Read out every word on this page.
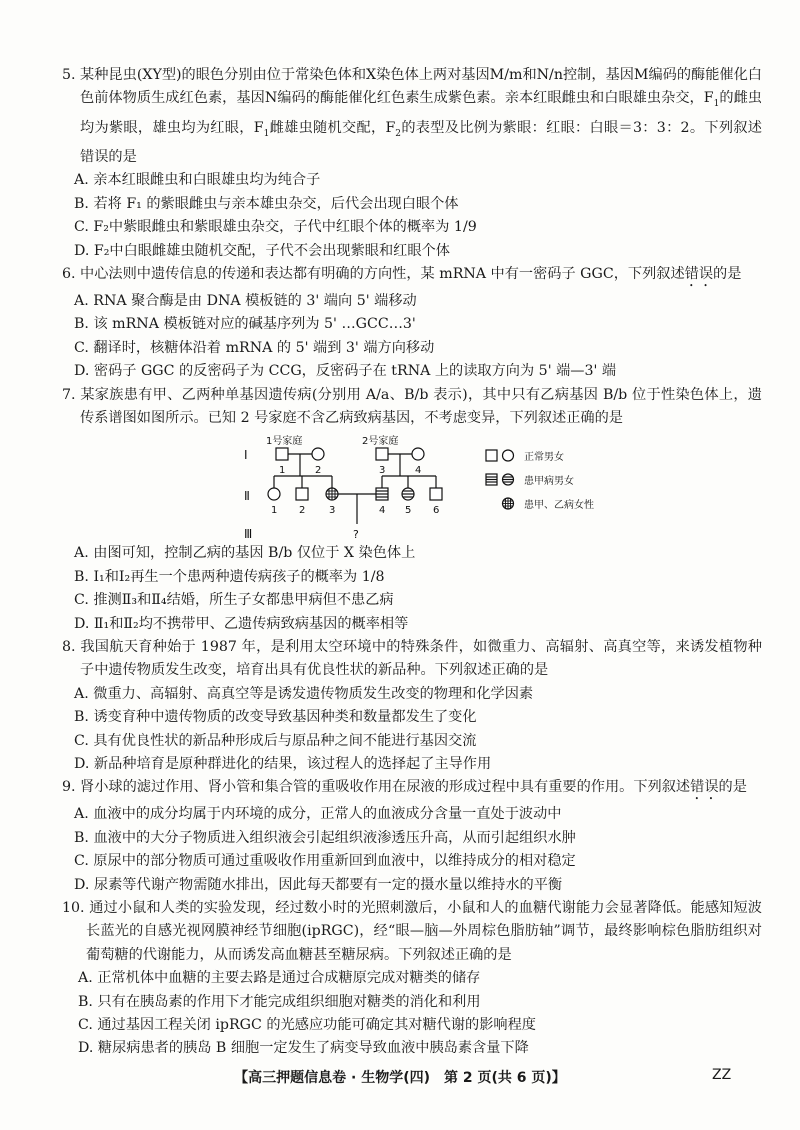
5. 某种昆虫(XY型)的眼色分别由位于常染色体和X染色体上两对基因M/m和N/n控制，基因M编码的酶能催化白色前体物质生成红色素，基因N编码的酶能催化红色素生成紫色素。亲本红眼雌虫和白眼雄虫杂交，$F_1$的雌虫均为紫眼，雄虫均为红眼，$F_1$雌雄虫随机交配，$F_2$的表型及比例为紫眼：红眼：白眼＝3：3：2。下列叙述错误的是
A. 亲本红眼雌虫和白眼雄虫均为纯合子
B. 若将 F₁ 的紫眼雌虫与亲本雄虫杂交，后代会出现白眼个体
C. F₂中紫眼雌虫和紫眼雄虫杂交，子代中红眼个体的概率为 1/9
D. F₂中白眼雌雄虫随机交配，子代不会出现紫眼和红眼个体
6. 中心法则中遗传信息的传递和表达都有明确的方向性，某 mRNA 中有一密码子 GGC，下列叙述错误的是
A. RNA 聚合酶是由 DNA 模板链的 3' 端向 5' 端移动
B. 该 mRNA 模板链对应的碱基序列为 5' …GCC…3'
C. 翻译时，核糖体沿着 mRNA 的 5' 端到 3' 端方向移动
D. 密码子 GGC 的反密码子为 CCG，反密码子在 tRNA 上的读取方向为 5' 端—3' 端
7. 某家族患有甲、乙两种单基因遗传病(分别用 A/a、B/b 表示)，其中只有乙病基因 B/b 位于性染色体上，遗传系谱图如图所示。已知 2 号家庭不含乙病致病基因，不考虑变异，下列叙述正确的是
1号家庭	2号家庭
Ⅰ
Ⅱ
Ⅲ
1	2	3	4
?
1 2 3	4 5 6
正常男女
患甲病男女
患甲、乙病女性
A. 由图可知，控制乙病的基因 B/b 仅位于 X 染色体上
B. Ⅰ₁和Ⅰ₂再生一个患两种遗传病孩子的概率为 1/8
C. 推测Ⅱ₃和Ⅱ₄结婚，所生子女都患甲病但不患乙病
D. Ⅱ₁和Ⅱ₂均不携带甲、乙遗传病致病基因的概率相等
8. 我国航天育种始于 1987 年，是利用太空环境中的特殊条件，如微重力、高辐射、高真空等，来诱发植物种子中遗传物质发生改变，培育出具有优良性状的新品种。下列叙述正确的是
A. 微重力、高辐射、高真空等是诱发遗传物质发生改变的物理和化学因素
B. 诱变育种中遗传物质的改变导致基因种类和数量都发生了变化
C. 具有优良性状的新品种形成后与原品种之间不能进行基因交流
D. 新品种培育是原种群进化的结果，该过程人的选择起了主导作用
9. 肾小球的滤过作用、肾小管和集合管的重吸收作用在尿液的形成过程中具有重要的作用。下列叙述错误的是
A. 血液中的成分均属于内环境的成分，正常人的血液成分含量一直处于波动中
B. 血液中的大分子物质进入组织液会引起组织液渗透压升高，从而引起组织水肿
C. 原尿中的部分物质可通过重吸收作用重新回到血液中，以维持成分的相对稳定
D. 尿素等代谢产物需随水排出，因此每天都要有一定的摄水量以维持水的平衡
10. 通过小鼠和人类的实验发现，经过数小时的光照刺激后，小鼠和人的血糖代谢能力会显著降低。能感知短波长蓝光的自感光视网膜神经节细胞(ipRGC)，经“眼—脑—外周棕色脂肪轴”调节，最终影响棕色脂肪组织对葡萄糖的代谢能力，从而诱发高血糖甚至糖尿病。下列叙述正确的是
A. 正常机体中血糖的主要去路是通过合成糖原完成对糖类的储存
B. 只有在胰岛素的作用下才能完成组织细胞对糖类的消化和利用
C. 通过基因工程关闭 ipRGC 的光感应功能可确定其对糖代谢的影响程度
D. 糖尿病患者的胰岛 B 细胞一定发生了病变导致血液中胰岛素含量下降
【高三押题信息卷 · 生物学(四)　第 2 页(共 6 页)】	ZZ
